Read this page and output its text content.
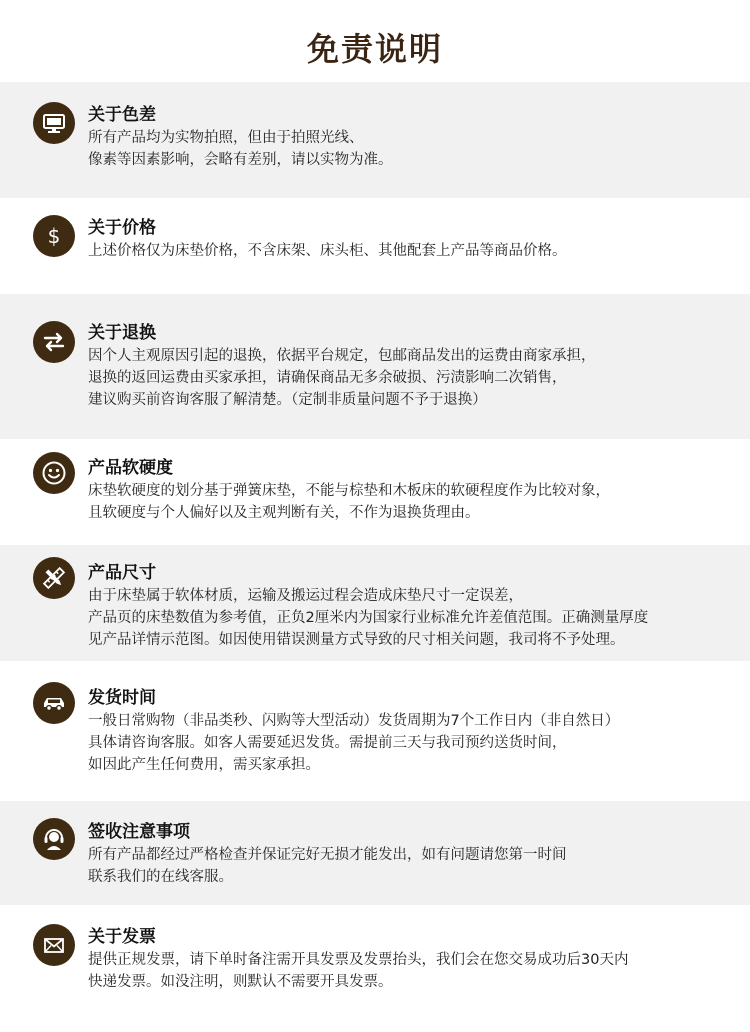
免责说明
关于色差
所有产品均为实物拍照，但由于拍照光线、
像素等因素影响，会略有差别，请以实物为准。
$ 关于价格
上述价格仅为床垫价格，不含床架、床头柜、其他配套上产品等商品价格。
关于退换
因个人主观原因引起的退换，依据平台规定，包邮商品发出的运费由商家承担，
退换的返回运费由买家承担，请确保商品无多余破损、污渍影响二次销售，
建议购买前咨询客服了解清楚。（定制非质量问题不予于退换）
产品软硬度
床垫软硬度的划分基于弹簧床垫，不能与棕垫和木板床的软硬程度作为比较对象，
且软硬度与个人偏好以及主观判断有关，不作为退换货理由。
产品尺寸
由于床垫属于软体材质，运输及搬运过程会造成床垫尺寸一定误差，
产品页的床垫数值为参考值，正负2厘米内为国家行业标准允许差值范围。正确测量厚度
见产品详情示范图。如因使用错误测量方式导致的尺寸相关问题，我司将不予处理。
发货时间
一般日常购物（非品类秒、闪购等大型活动）发货周期为7个工作日内（非自然日）
具体请咨询客服。如客人需要延迟发货。需提前三天与我司预约送货时间，
如因此产生任何费用，需买家承担。
签收注意事项
所有产品都经过严格检查并保证完好无损才能发出，如有问题请您第一时间
联系我们的在线客服。
关于发票
提供正规发票，请下单时备注需开具发票及发票抬头，我们会在您交易成功后30天内
快递发票。如没注明，则默认不需要开具发票。
